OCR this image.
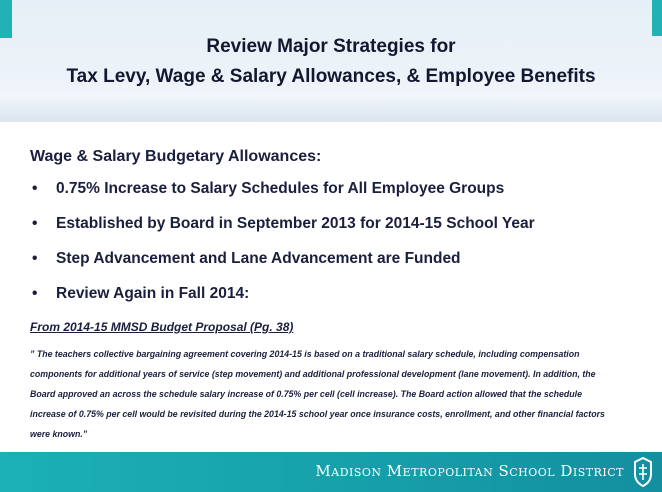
Review Major Strategies for
Tax Levy, Wage & Salary Allowances, & Employee Benefits
Wage & Salary Budgetary Allowances:
• 0.75% Increase to Salary Schedules for All Employee Groups
• Established by Board in September 2013 for 2014-15 School Year
• Step Advancement and Lane Advancement are Funded
• Review Again in Fall 2014:
From 2014-15 MMSD Budget Proposal (Pg. 38)
” The teachers collective bargaining agreement covering 2014-15 is based on a traditional salary schedule, including compensation components for additional years of service (step movement) and additional professional development (lane movement). In addition, the Board approved an across the schedule salary increase of 0.75% per cell (cell increase). The Board action allowed that the schedule increase of 0.75% per cell would be revisited during the 2014-15 school year once insurance costs, enrollment, and other financial factors were known.”
Madison Metropolitan School District
